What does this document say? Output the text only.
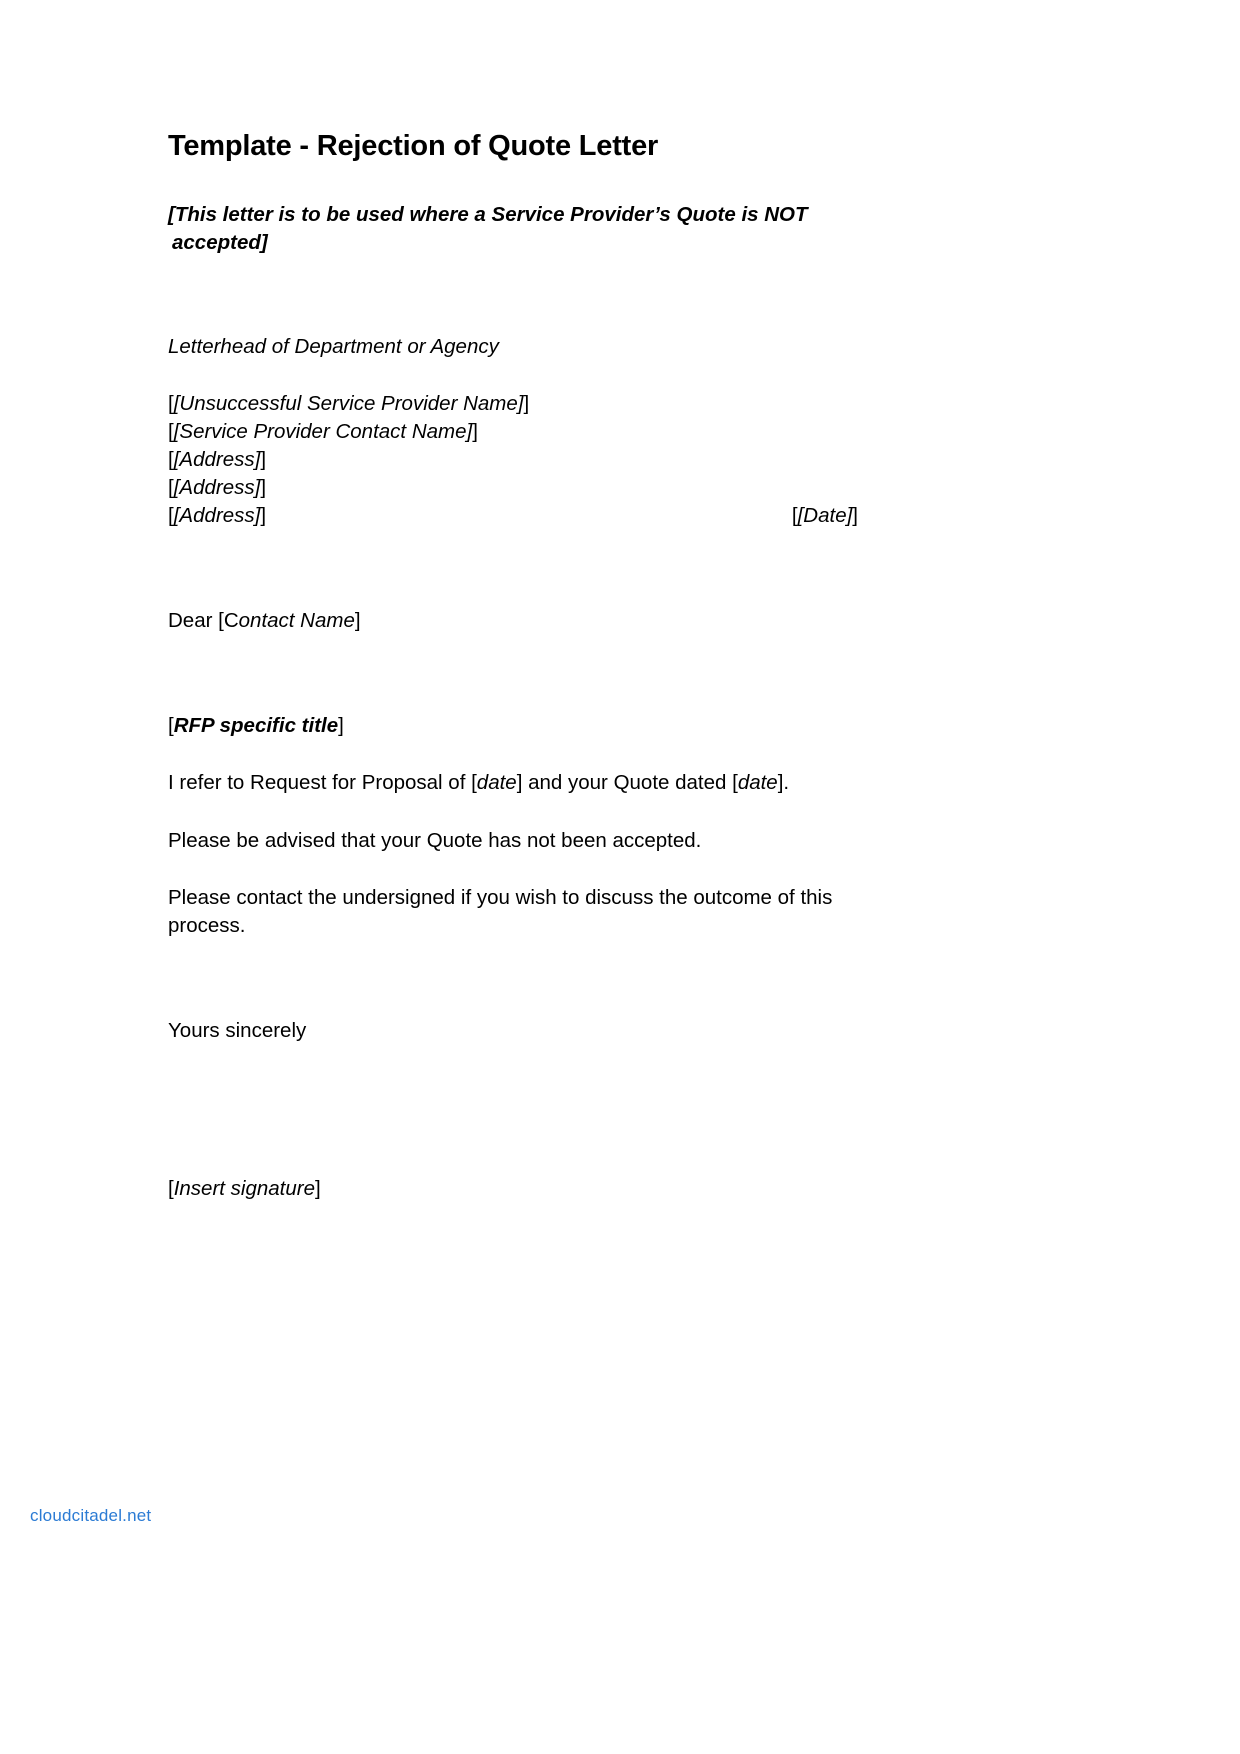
Template - Rejection of Quote Letter

[This letter is to be used where a Service Provider’s Quote is NOT accepted]

Letterhead of Department or Agency

[[Unsuccessful Service Provider Name]]

[[Service Provider Contact Name]]

[[Address]]

[[Address]]

[[Address]]	[[Date]]

Dear [Contact Name]

[RFP specific title]

I refer to Request for Proposal of [date] and your Quote dated [date].

Please be advised that your Quote has not been accepted.

Please contact the undersigned if you wish to discuss the outcome of this process.

Yours sincerely

[Insert signature]

cloudcitadel.net
